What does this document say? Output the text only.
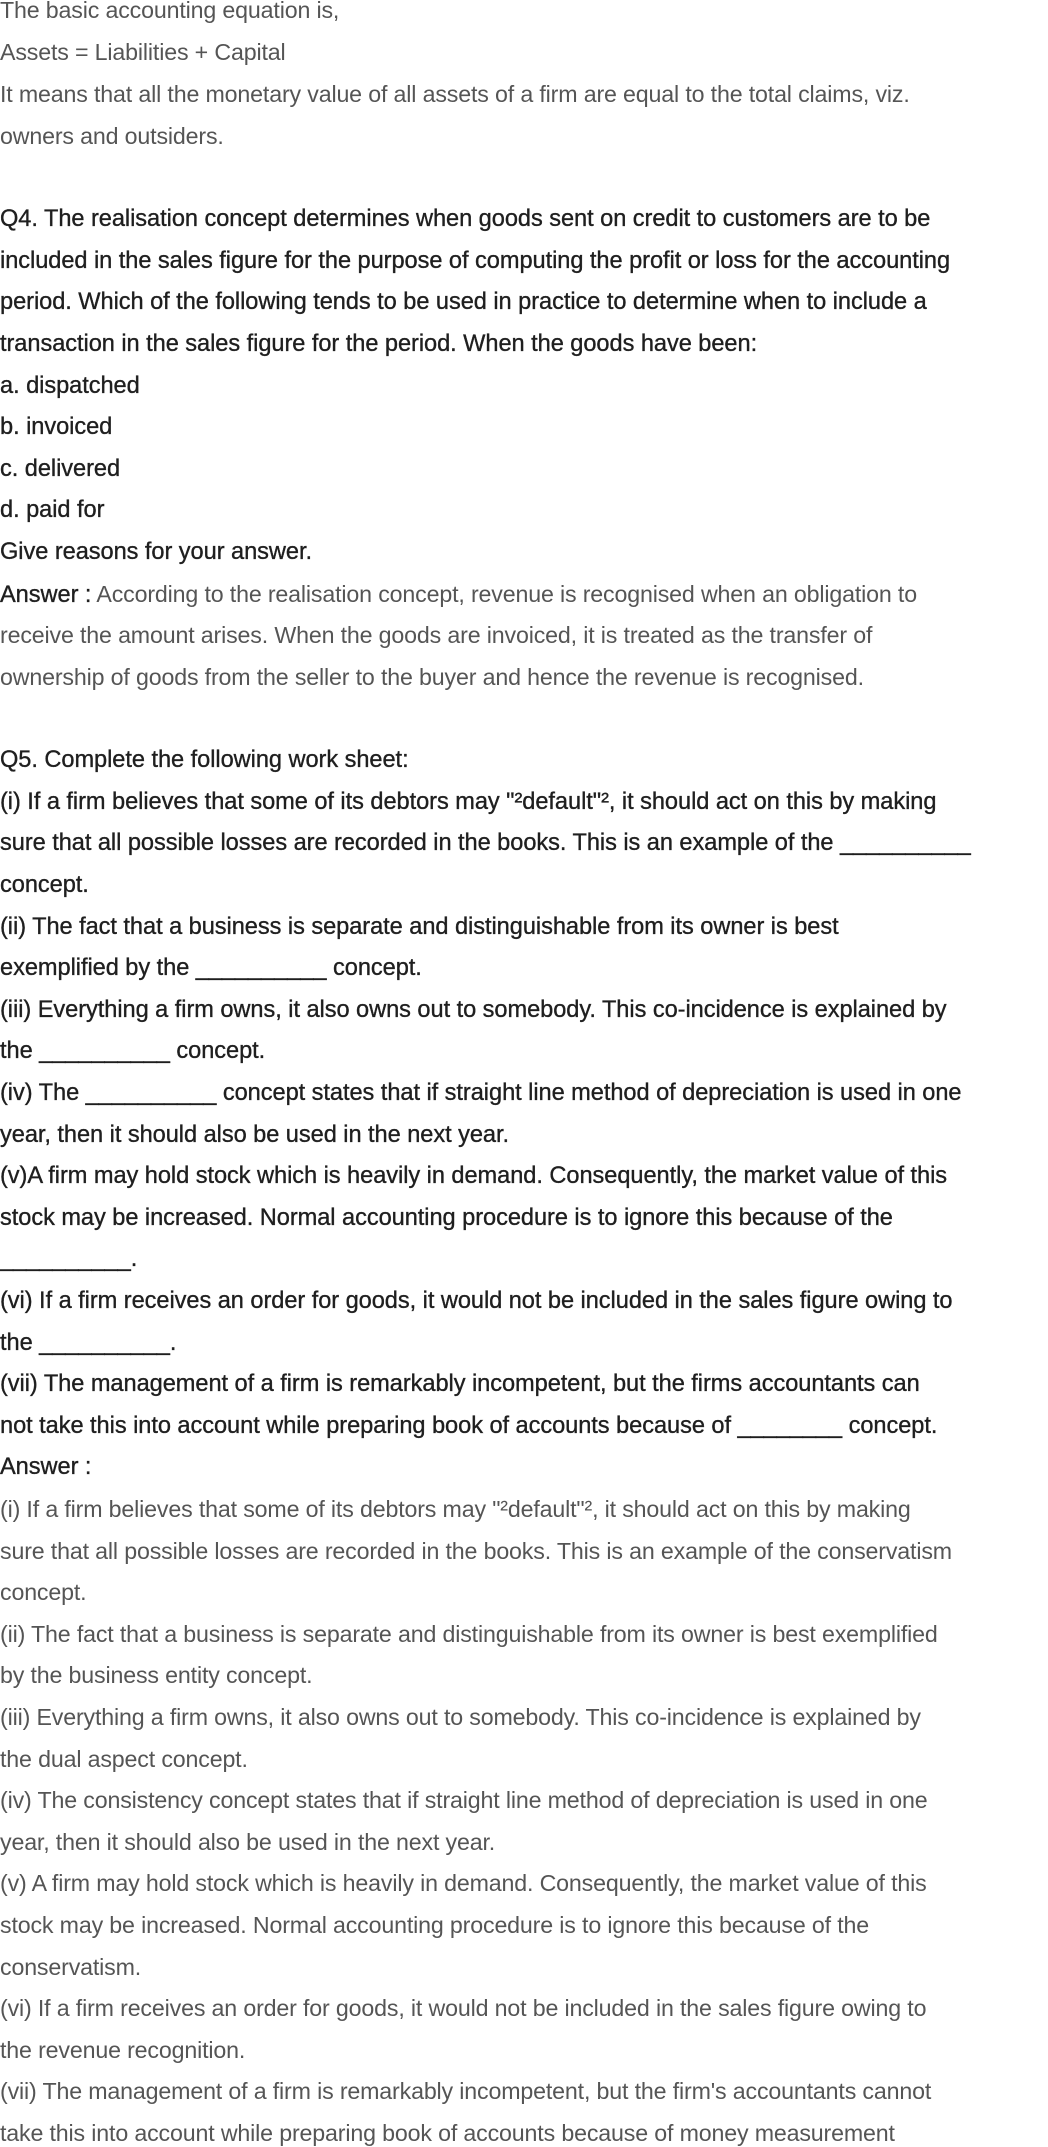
The basic accounting equation is,

Assets = Liabilities + Capital

It means that all the monetary value of all assets of a firm are equal to the total claims, viz.

owners and outsiders.

Q4. The realisation concept determines when goods sent on credit to customers are to be

included in the sales figure for the purpose of computing the profit or loss for the accounting

period. Which of the following tends to be used in practice to determine when to include a

transaction in the sales figure for the period. When the goods have been:

a. dispatched

b. invoiced

c. delivered

d. paid for

Give reasons for your answer.

Answer : According to the realisation concept, revenue is recognised when an obligation to

receive the amount arises. When the goods are invoiced, it is treated as the transfer of

ownership of goods from the seller to the buyer and hence the revenue is recognised.

Q5. Complete the following work sheet:

(i) If a firm believes that some of its debtors may "²default"², it should act on this by making

sure that all possible losses are recorded in the books. This is an example of the __________

concept.

(ii) The fact that a business is separate and distinguishable from its owner is best

exemplified by the __________ concept.

(iii) Everything a firm owns, it also owns out to somebody. This co-incidence is explained by

the __________ concept.

(iv) The __________ concept states that if straight line method of depreciation is used in one

year, then it should also be used in the next year.

(v)A firm may hold stock which is heavily in demand. Consequently, the market value of this

stock may be increased. Normal accounting procedure is to ignore this because of the

__________.

(vi) If a firm receives an order for goods, it would not be included in the sales figure owing to

the __________.

(vii) The management of a firm is remarkably incompetent, but the firms accountants can

not take this into account while preparing book of accounts because of ________ concept.

Answer :

(i) If a firm believes that some of its debtors may "²default"², it should act on this by making

sure that all possible losses are recorded in the books. This is an example of the conservatism

concept.

(ii) The fact that a business is separate and distinguishable from its owner is best exemplified

by the business entity concept.

(iii) Everything a firm owns, it also owns out to somebody. This co-incidence is explained by

the dual aspect concept.

(iv) The consistency concept states that if straight line method of depreciation is used in one

year, then it should also be used in the next year.

(v) A firm may hold stock which is heavily in demand. Consequently, the market value of this

stock may be increased. Normal accounting procedure is to ignore this because of the

conservatism.

(vi) If a firm receives an order for goods, it would not be included in the sales figure owing to

the revenue recognition.

(vii) The management of a firm is remarkably incompetent, but the firm's accountants cannot

take this into account while preparing book of accounts because of money measurement
